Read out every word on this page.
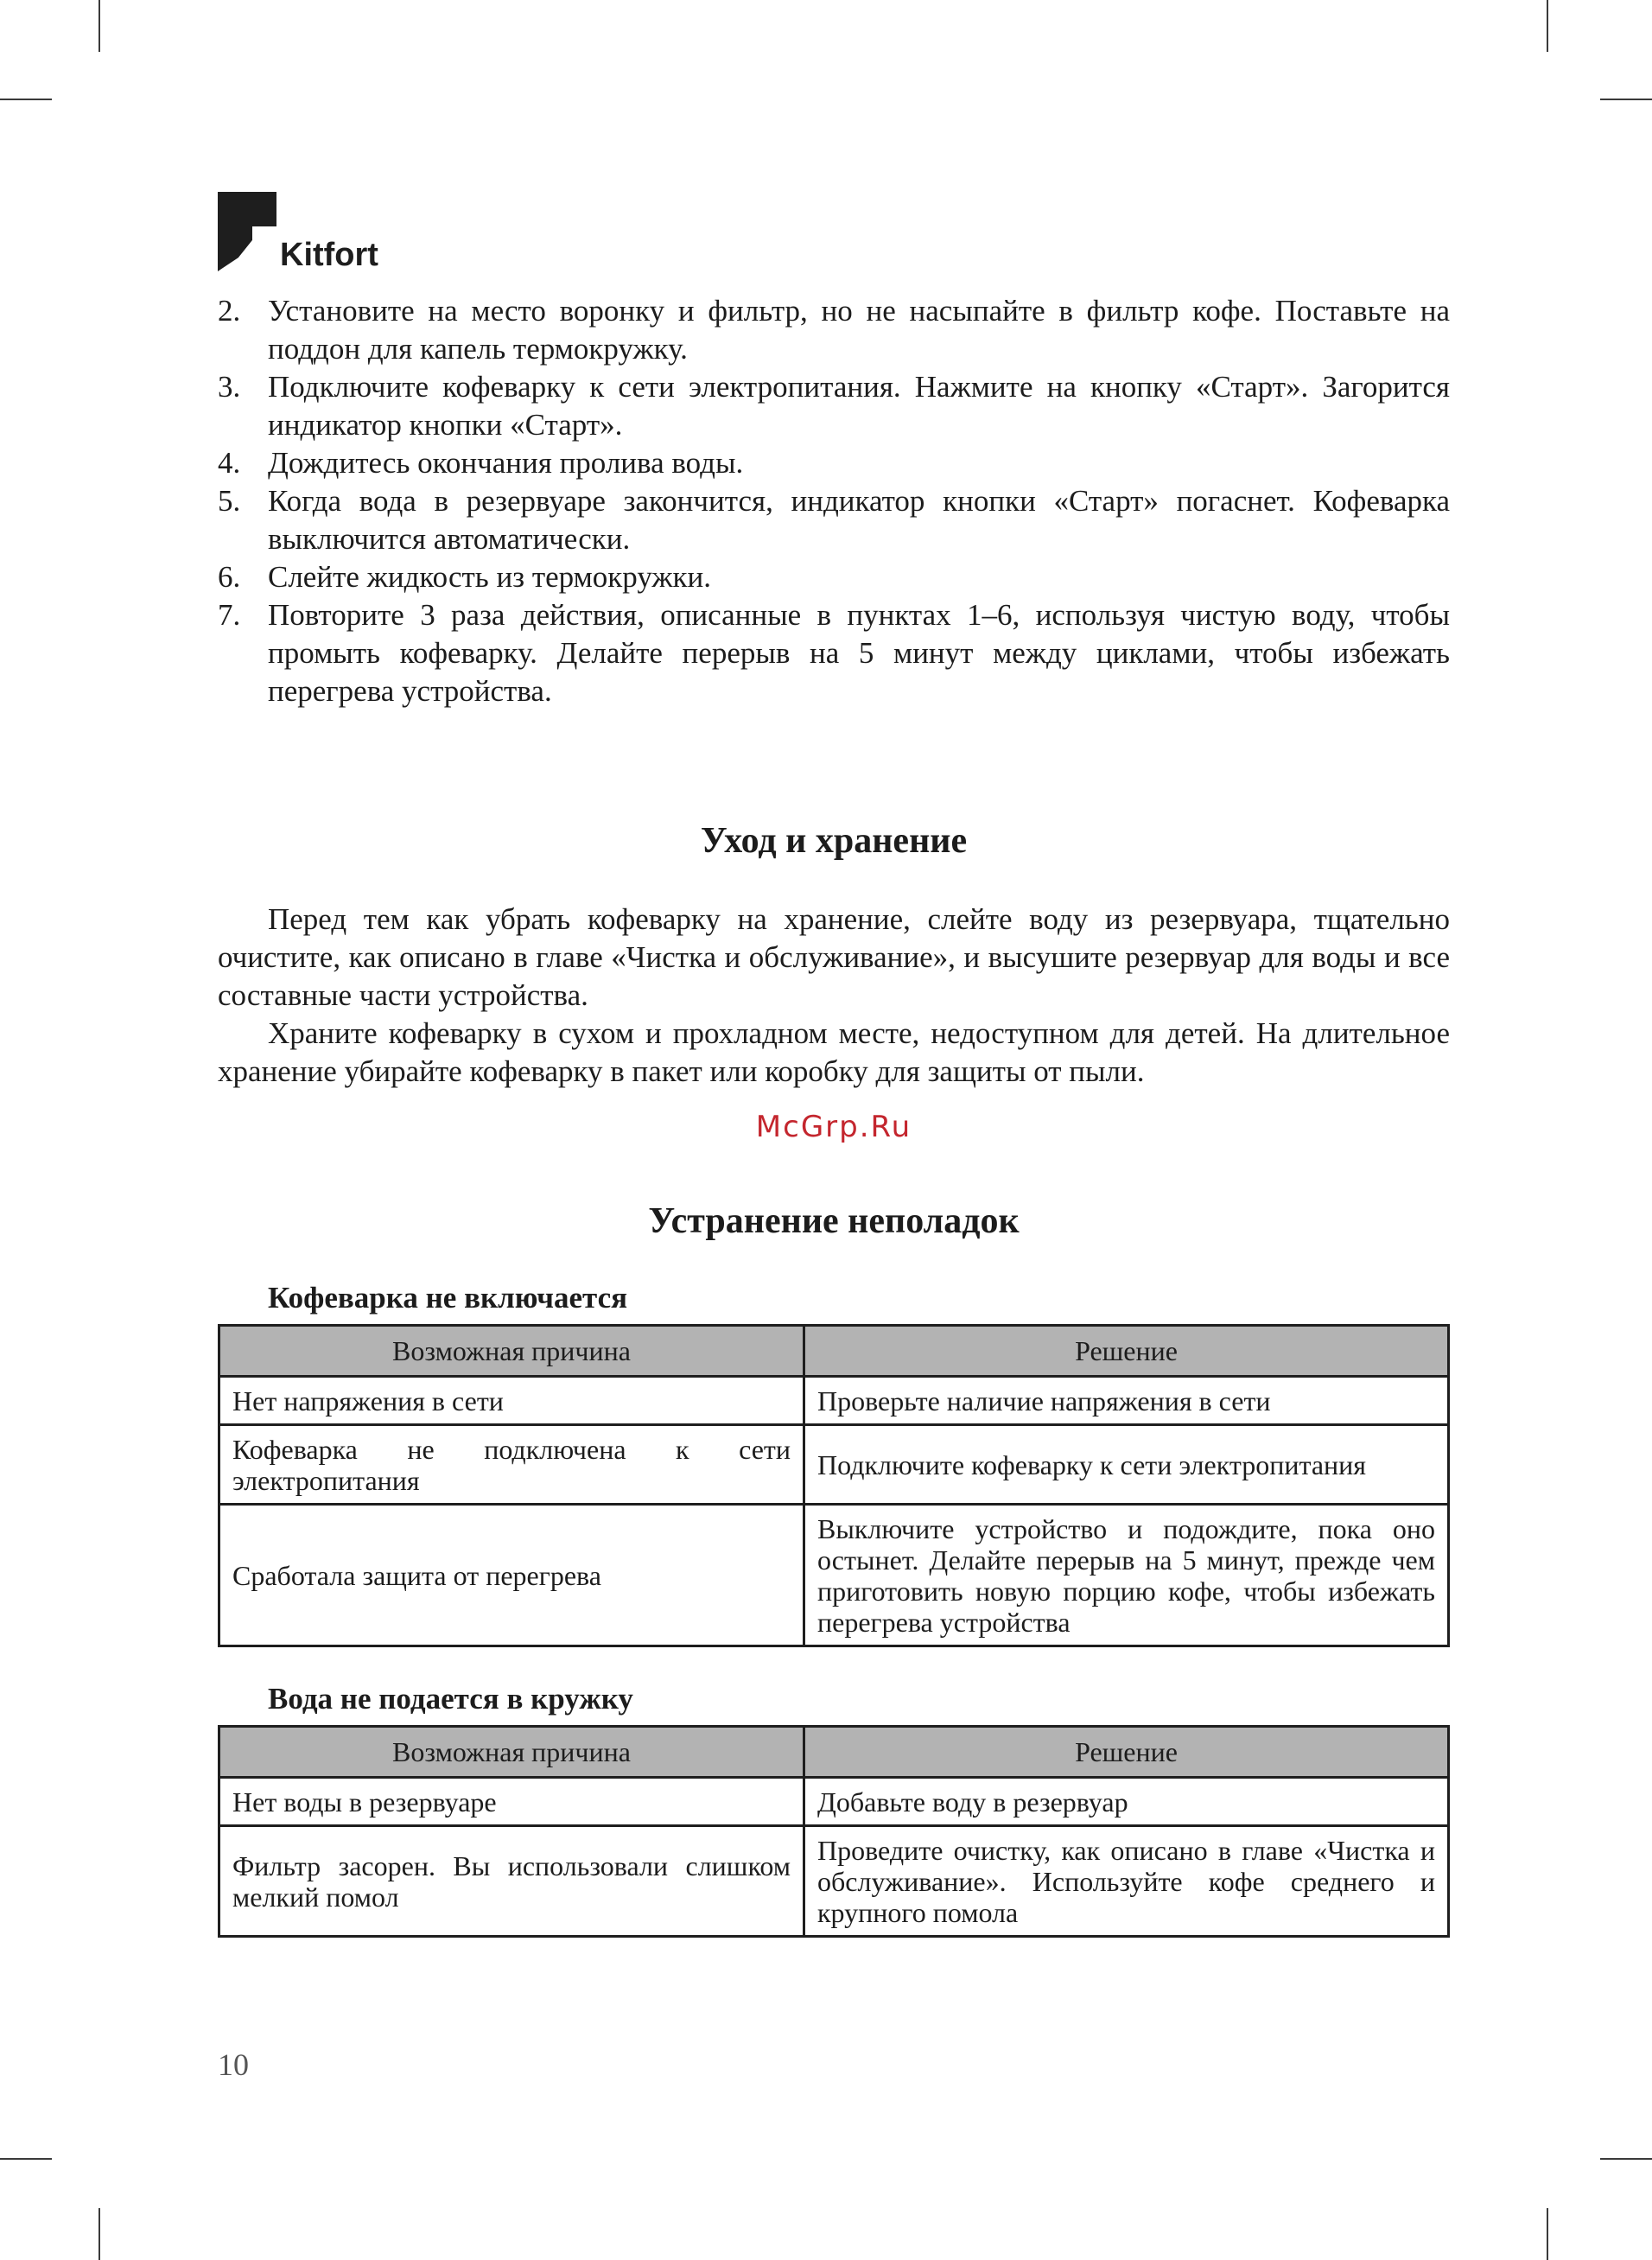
Kitfort
2. Установите на место воронку и фильтр, но не насыпайте в фильтр кофе. Поставьте на поддон для капель термокружку.
3. Подключите кофеварку к сети электропитания. Нажмите на кнопку «Старт». Загорится индикатор кнопки «Старт».
4. Дождитесь окончания пролива воды.
5. Когда вода в резервуаре закончится, индикатор кнопки «Старт» погаснет. Кофеварка выключится автоматически.
6. Слейте жидкость из термокружки.
7. Повторите 3 раза действия, описанные в пунктах 1–6, используя чистую воду, чтобы промыть кофеварку. Делайте перерыв на 5 минут между циклами, чтобы избежать перегрева устройства.
Уход и хранение

Перед тем как убрать кофеварку на хранение, слейте воду из резервуара, тщательно очистите, как описано в главе «Чистка и обслуживание», и высушите резервуар для воды и все составные части устройства.

Храните кофеварку в сухом и прохладном месте, недоступном для детей. На длительное хранение убирайте кофеварку в пакет или коробку для защиты от пыли.

McGrp.Ru
Устранение неполадок
Кофеварка не включается
Возможная причина	Решение
Нет напряжения в сети	Проверьте наличие напряжения в сети
Кофеварка не подключена к сети электропитания	Подключите кофеварку к сети электропитания
Сработала защита от перегрева	Выключите устройство и подождите, пока оно остынет. Делайте перерыв на 5 минут, прежде чем приготовить новую порцию кофе, чтобы избежать перегрева устройства
Вода не подается в кружку
Возможная причина	Решение
Нет воды в резервуаре	Добавьте воду в резервуар
Фильтр засорен. Вы использовали слишком мелкий помол	Проведите очистку, как описано в главе «Чистка и обслуживание». Используйте кофе среднего и крупного помола
10
